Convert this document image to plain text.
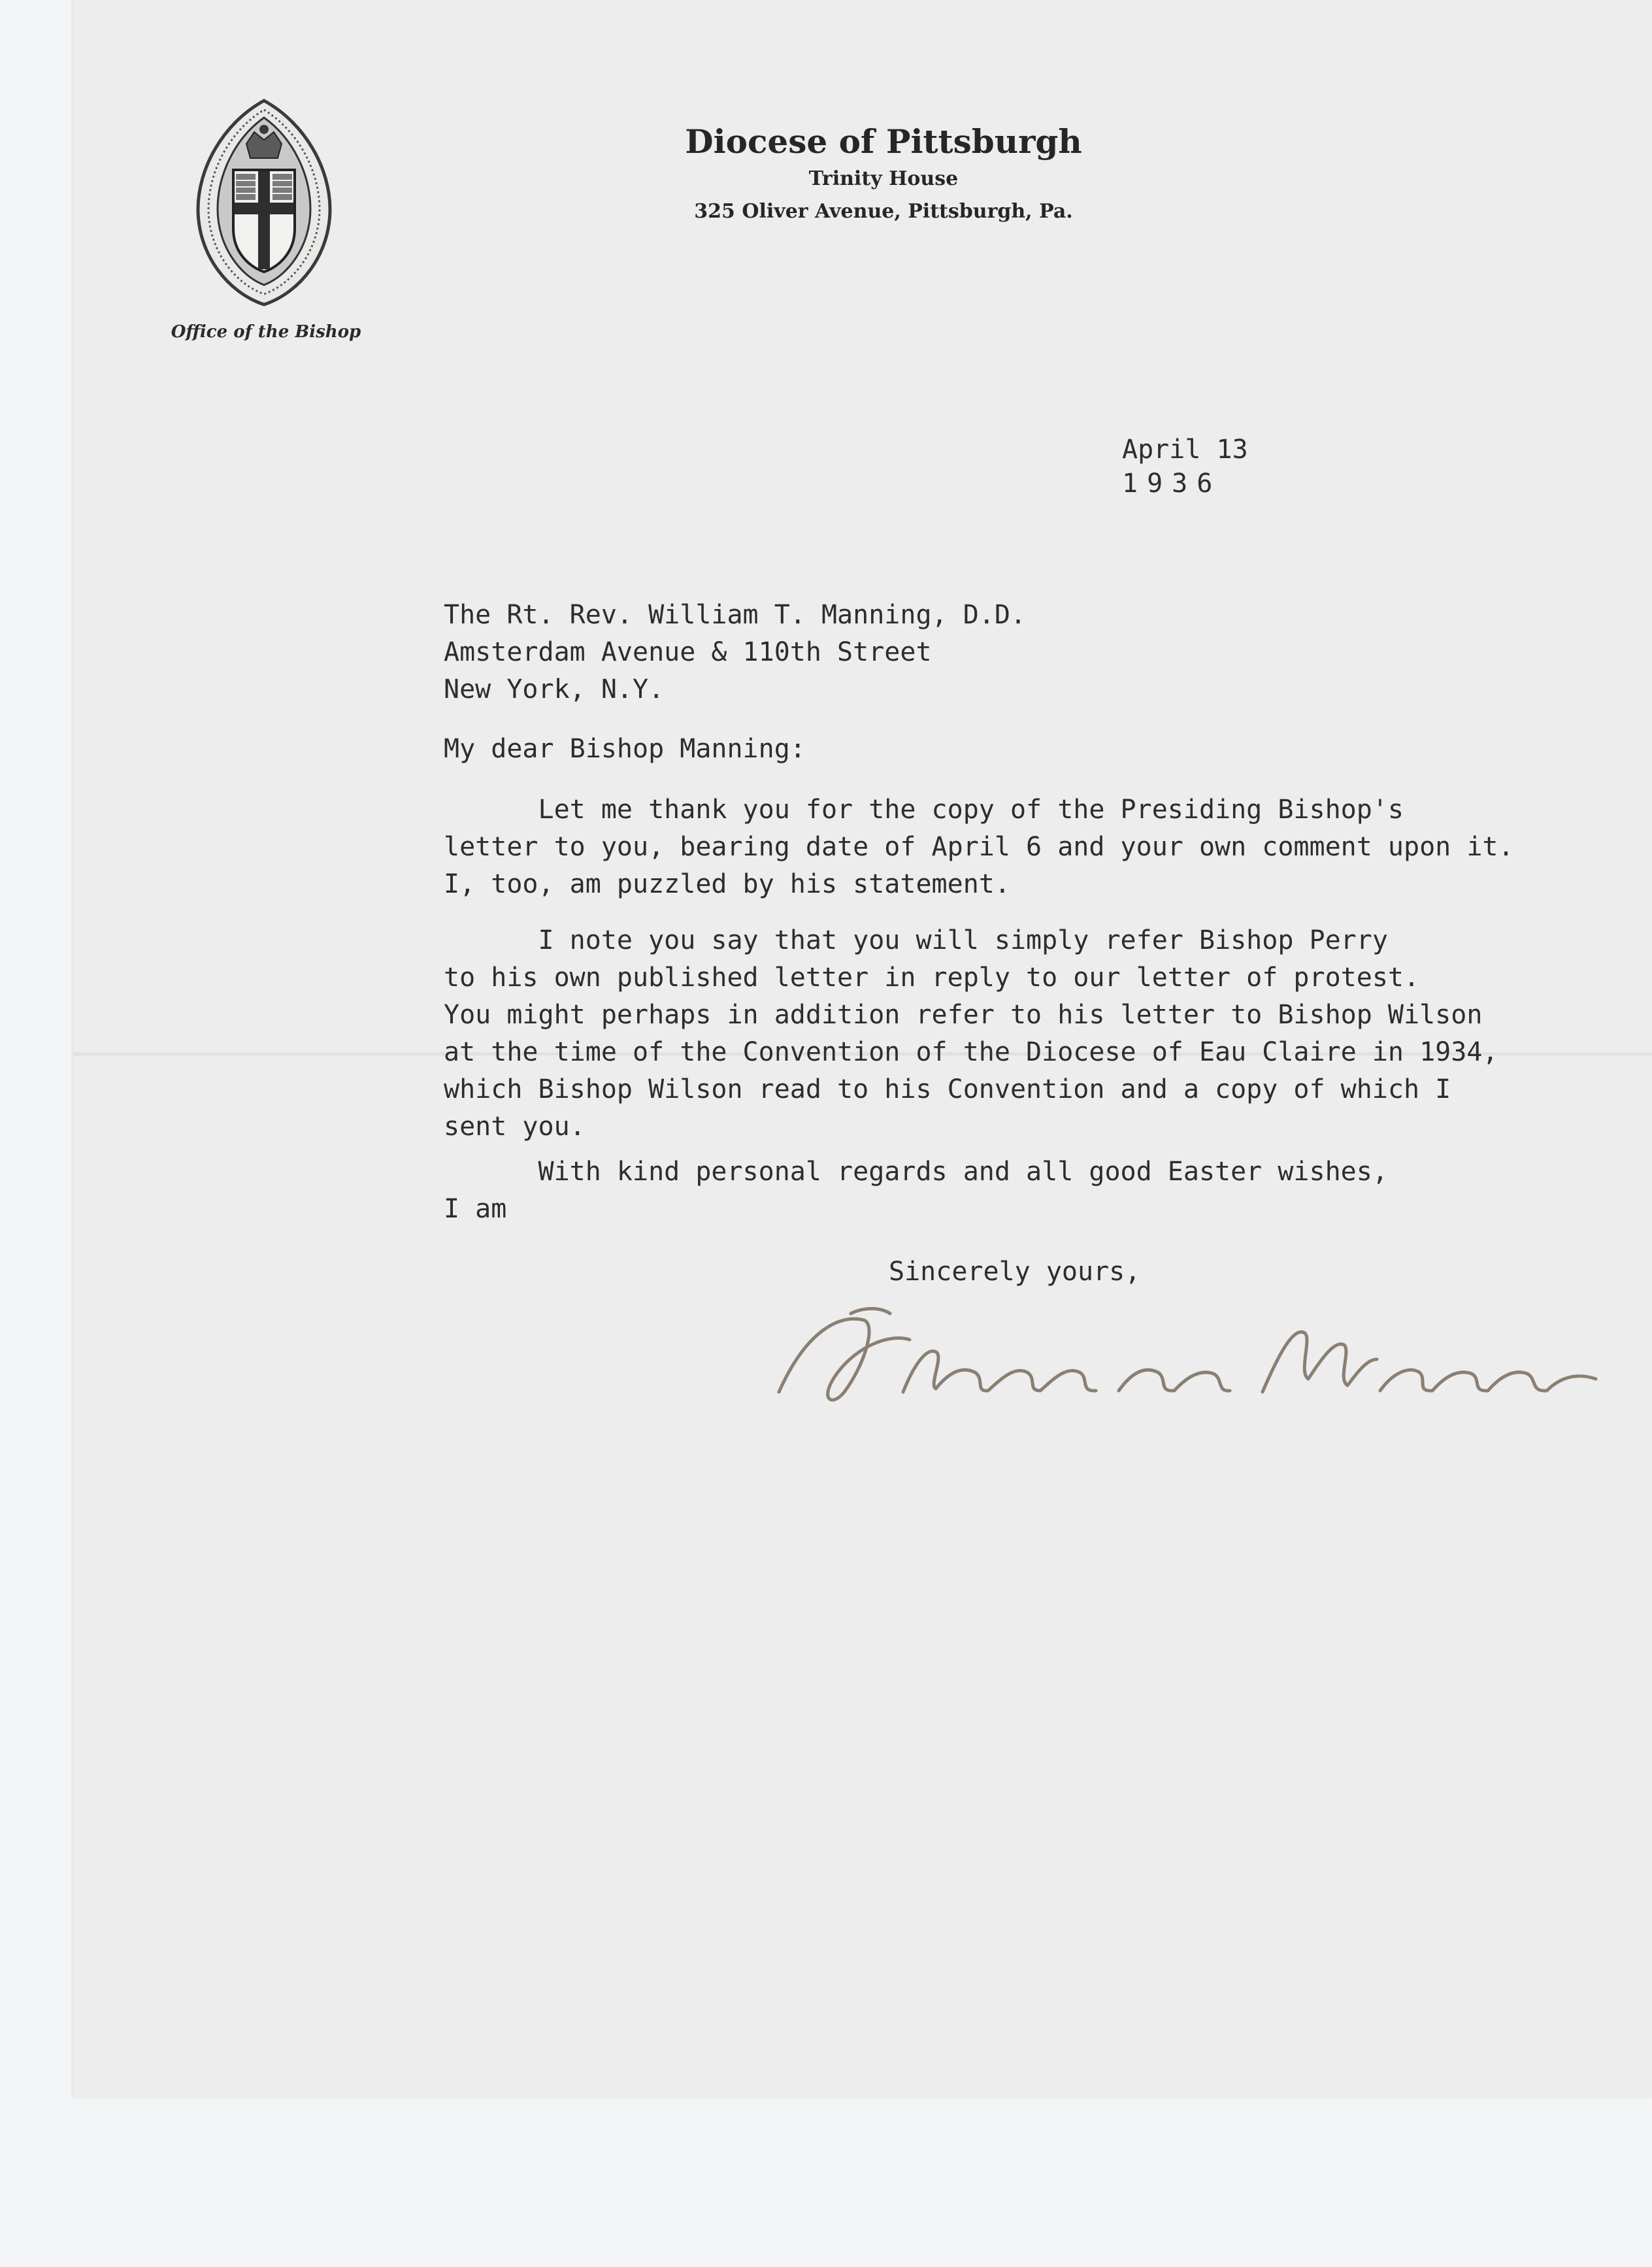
Office of the Bishop
Diocese of Pittsburgh
Trinity House
325 Oliver Avenue, Pittsburgh, Pa.
April 13
1936
The Rt. Rev. William T. Manning, D.D.
Amsterdam Avenue & 110th Street
New York, N.Y.
My dear Bishop Manning:
Let me thank you for the copy of the Presiding Bishop's
letter to you, bearing date of April 6 and your own comment upon it.
I, too, am puzzled by his statement.
I note you say that you will simply refer Bishop Perry
to his own published letter in reply to our letter of protest.
You might perhaps in addition refer to his letter to Bishop Wilson
at the time of the Convention of the Diocese of Eau Claire in 1934,
which Bishop Wilson read to his Convention and a copy of which I
sent you.
With kind personal regards and all good Easter wishes,
I am
Sincerely yours,
